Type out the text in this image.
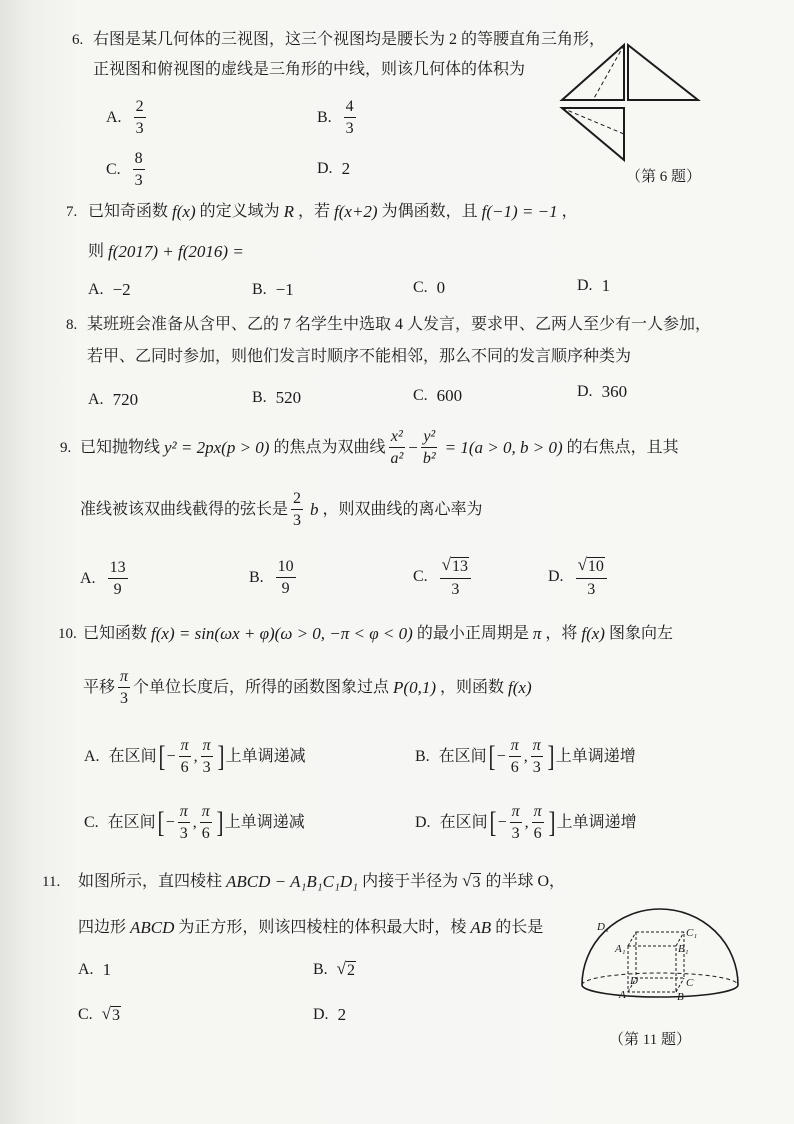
6. 右图是某几何体的三视图，这三个视图均是腰长为 2 的等腰直角三角形，
正视图和俯视图的虚线是三角形的中线，则该几何体的体积为
A. $\frac{2}{3}$	B. $\frac{4}{3}$
C. $\frac{8}{3}$	D. 2	（第 6 题）
7. 已知奇函数 f(x) 的定义域为 R ，若 f(x+2) 为偶函数，且 f(−1) = −1 ，
则 f(2017) + f(2016) =
A. −2	B. −1	C. 0	D. 1
8. 某班班会准备从含甲、乙的 7 名学生中选取 4 人发言，要求甲、乙两人至少有一人参加，
若甲、乙同时参加，则他们发言时顺序不能相邻，那么不同的发言顺序种类为
A. 720	B. 520	C. 600	D. 360
9. 已知抛物线 y² = 2px(p > 0) 的焦点为双曲线 $\frac{\text{x²}}{\text{a²}} - \frac{\text{y²}}{\text{b²}} = 1(a > 0$, b > 0) 的右焦点，且其
准线被该双曲线截得的弦长是 $\frac{2}{3}$ b ，则双曲线的离心率为
A. $\frac{13}{9}$	B. $\frac{10}{9}$	C. $\frac{√ 13}{3}$	D. $\frac{√ 10}{3}$
10. 已知函数 f(x) = sin(ωx + φ)(ω > 0, −π < φ < 0) 的最小正周期是 π ，将 f(x) 图象向左
平移 $\frac{\pi}{3}$ 个单位长度后，所得的函数图象过点 P(0,1) ，则函数 f(x)
A. 在区间 [ − $\frac{\pi}{6}$ , $\frac{\pi}{3}$ ] 上单调递减	B. 在区间 [ − $\frac{\pi}{6}$ , $\frac{\pi}{3}$ ] 上单调递增
C. 在区间 [ − $\frac{\pi}{3}$ , $\frac{\pi}{6}$ ] 上单调递减	D. 在区间 [ − $\frac{\pi}{3}$ , $\frac{\pi}{6}$ ] 上单调递增
11.	如图所示，直四棱柱 ABCD − A₁B₁C₁D₁ 内接于半径为 √ 3 的半球 O，
四边形 ABCD 为正方形，则该四棱柱的体积最大时，棱 AB 的长是
A. 1	B. √ 2
C. √ 3	D. 2
D₁	C₁
A₁	B₁
D	C
A	B
（第 11 题）
